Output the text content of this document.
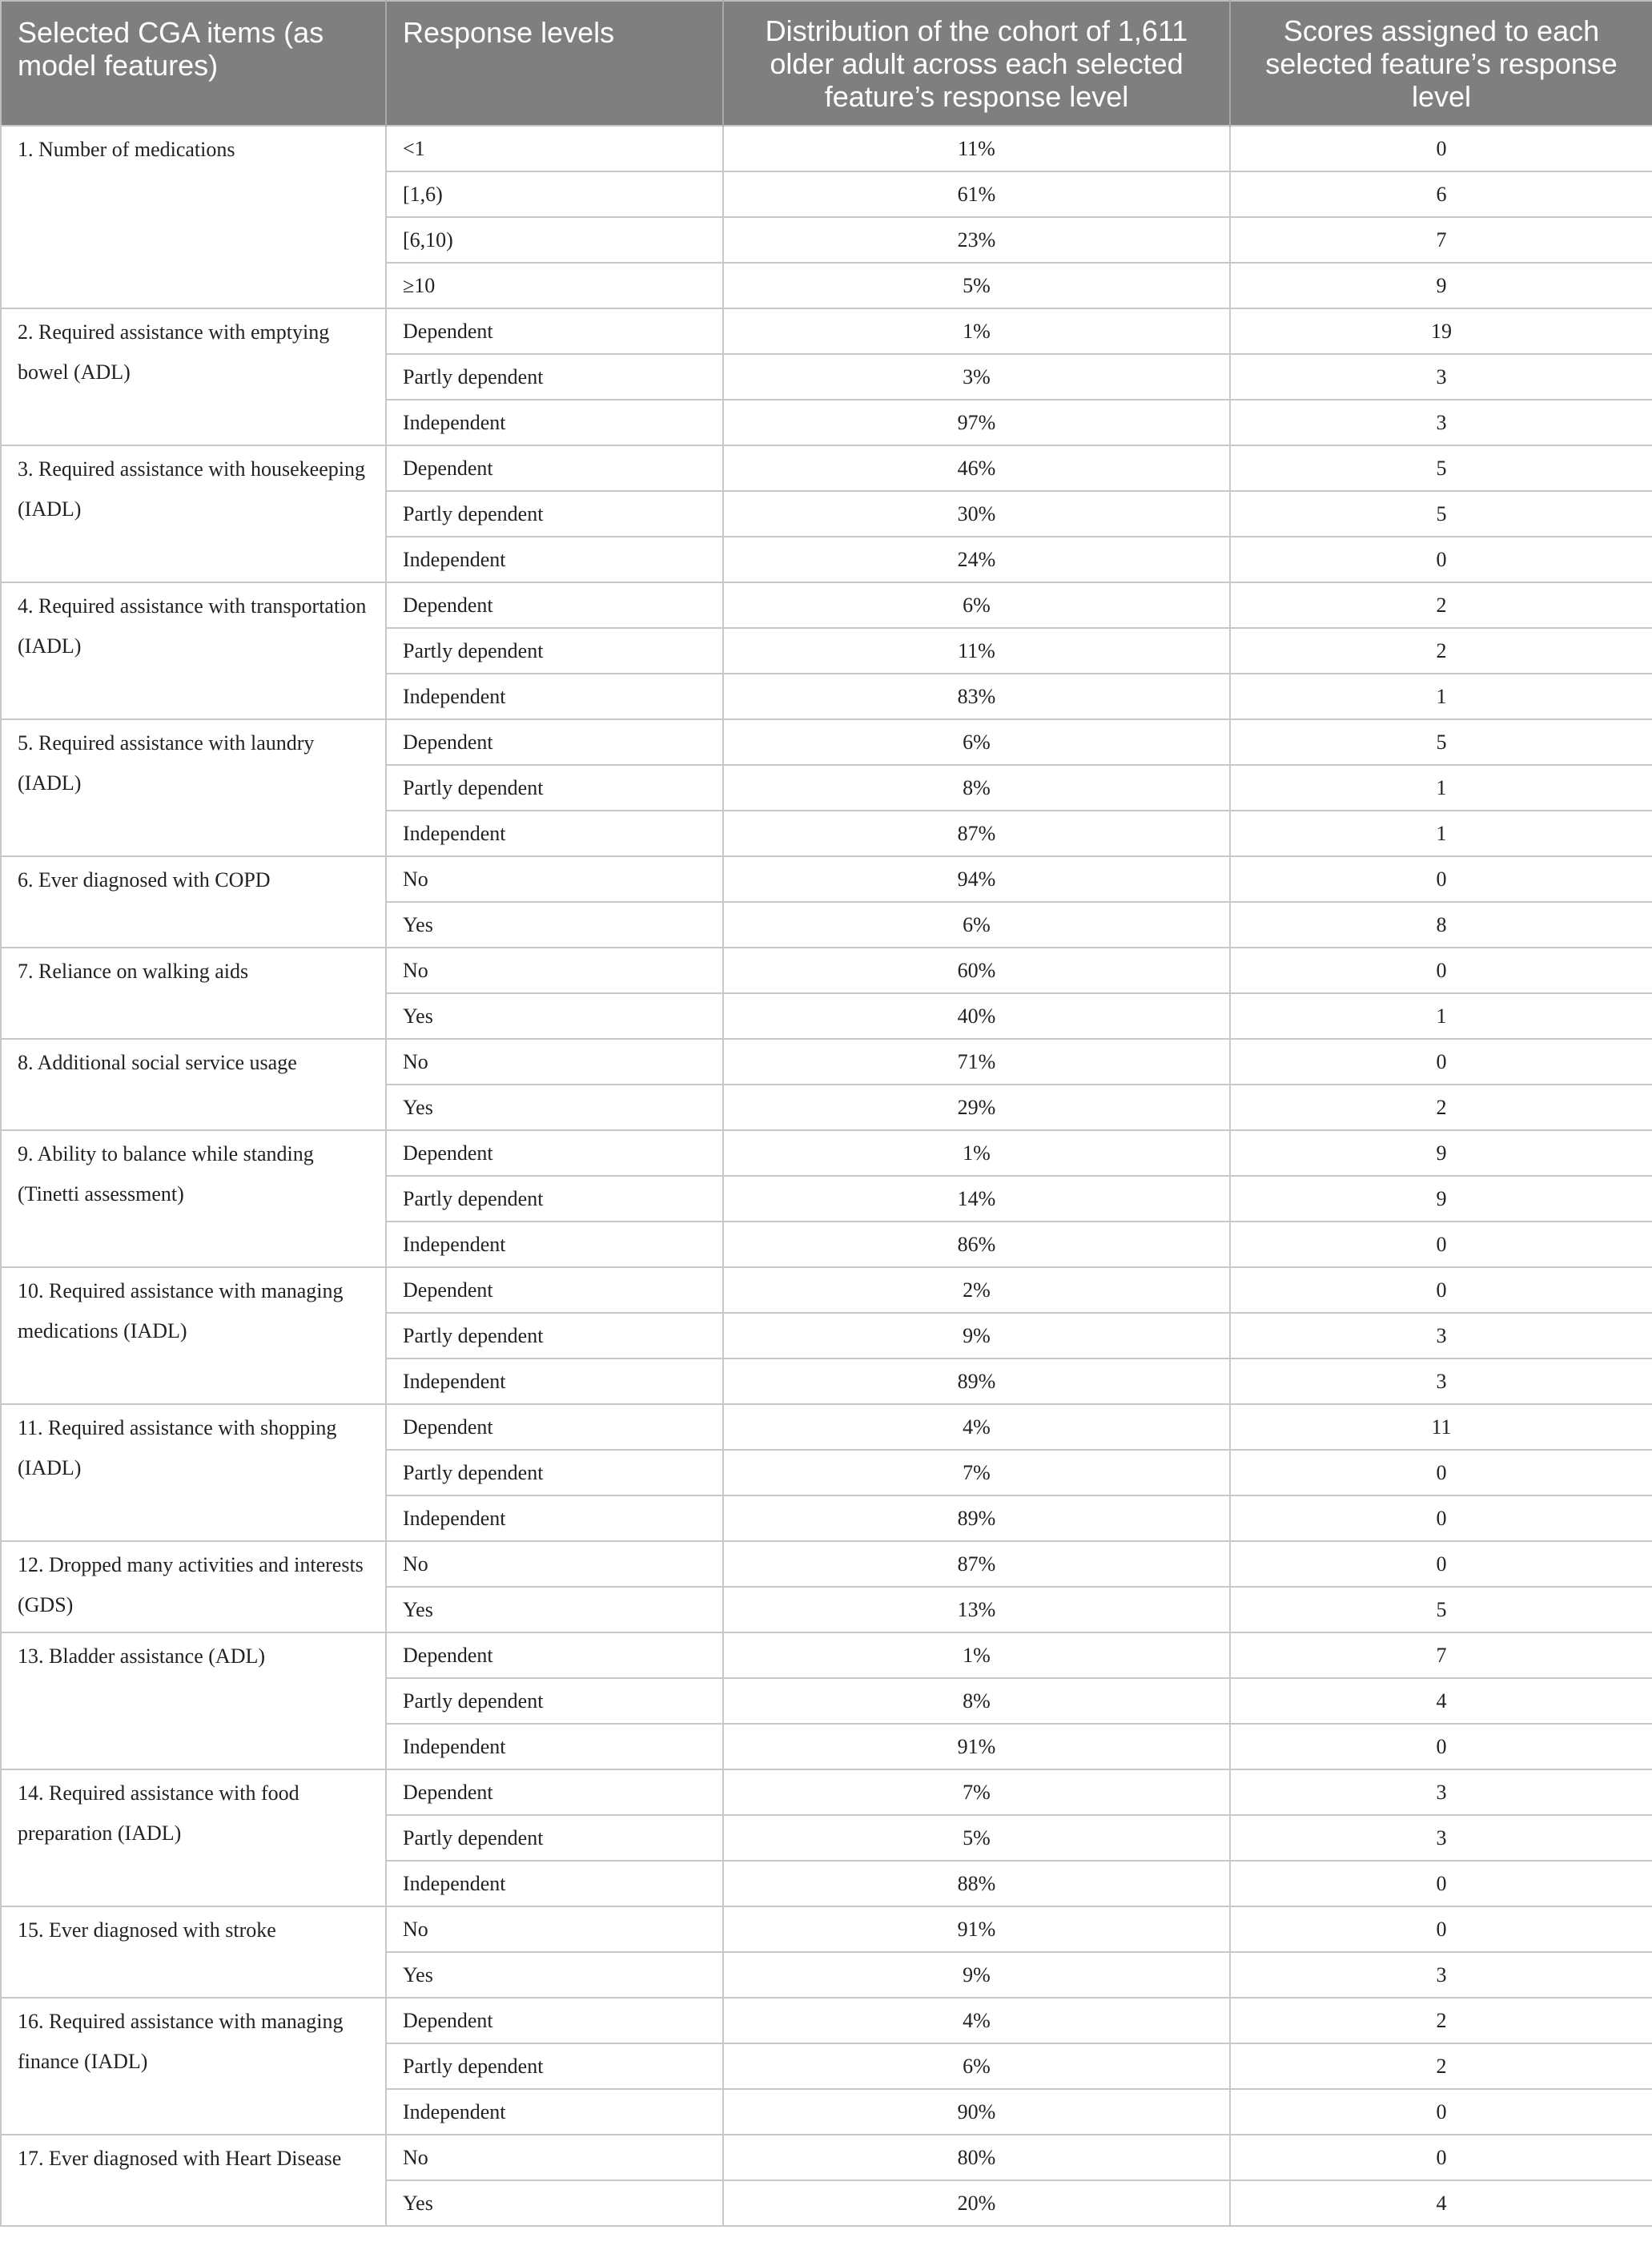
Selected CGA items (as model features)	Response levels	Distribution of the cohort of 1,611 older adult across each selected feature’s response level	Scores assigned to each selected feature’s response level
1. Number of medications	<1	11%	0
	[1,6)	61%	6
	[6,10)	23%	7
	≥10	5%	9
2. Required assistance with emptying bowel (ADL)	Dependent	1%	19
	Partly dependent	3%	3
	Independent	97%	3
3. Required assistance with housekeeping (IADL)	Dependent	46%	5
	Partly dependent	30%	5
	Independent	24%	0
4. Required assistance with transportation (IADL)	Dependent	6%	2
	Partly dependent	11%	2
	Independent	83%	1
5. Required assistance with laundry (IADL)	Dependent	6%	5
	Partly dependent	8%	1
	Independent	87%	1
6. Ever diagnosed with COPD	No	94%	0
	Yes	6%	8
7. Reliance on walking aids	No	60%	0
	Yes	40%	1
8. Additional social service usage	No	71%	0
	Yes	29%	2
9. Ability to balance while standing (Tinetti assessment)	Dependent	1%	9
	Partly dependent	14%	9
	Independent	86%	0
10. Required assistance with managing medications (IADL)	Dependent	2%	0
	Partly dependent	9%	3
	Independent	89%	3
11. Required assistance with shopping (IADL)	Dependent	4%	11
	Partly dependent	7%	0
	Independent	89%	0
12. Dropped many activities and interests (GDS)	No	87%	0
	Yes	13%	5
13. Bladder assistance (ADL)	Dependent	1%	7
	Partly dependent	8%	4
	Independent	91%	0
14. Required assistance with food preparation (IADL)	Dependent	7%	3
	Partly dependent	5%	3
	Independent	88%	0
15. Ever diagnosed with stroke	No	91%	0
	Yes	9%	3
16. Required assistance with managing finance (IADL)	Dependent	4%	2
	Partly dependent	6%	2
	Independent	90%	0
17. Ever diagnosed with Heart Disease	No	80%	0
	Yes	20%	4
